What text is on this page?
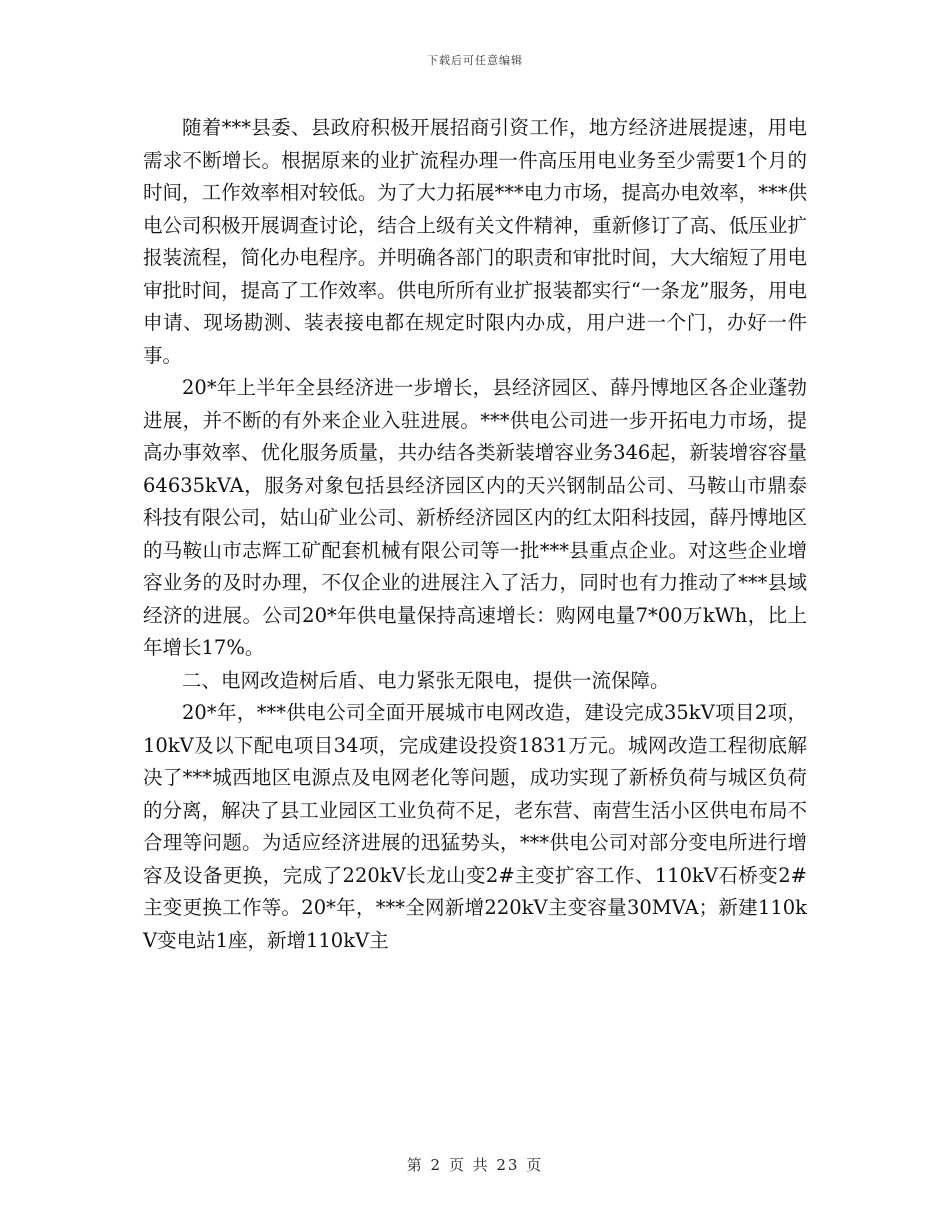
下载后可任意编辑

随着***县委、县政府积极开展招商引资工作，地方经济进展提速，用电需求不断增长。根据原来的业扩流程办理一件高压用电业务至少需要1个月的时间，工作效率相对较低。为了大力拓展***电力市场，提高办电效率，***供电公司积极开展调查讨论，结合上级有关文件精神，重新修订了高、低压业扩报装流程，简化办电程序。并明确各部门的职责和审批时间，大大缩短了用电审批时间，提高了工作效率。供电所所有业扩报装都实行“一条龙”服务，用电申请、现场勘测、装表接电都在规定时限内办成，用户进一个门，办好一件事。

20*年上半年全县经济进一步增长，县经济园区、薛丹博地区各企业蓬勃进展，并不断的有外来企业入驻进展。***供电公司进一步开拓电力市场，提高办事效率、优化服务质量，共办结各类新装增容业务346起，新装增容容量64635kVA，服务对象包括县经济园区内的天兴钢制品公司、马鞍山市鼎泰科技有限公司，姑山矿业公司、新桥经济园区内的红太阳科技园，薛丹博地区的马鞍山市志辉工矿配套机械有限公司等一批***县重点企业。对这些企业增容业务的及时办理，不仅企业的进展注入了活力，同时也有力推动了***县域经济的进展。公司20*年供电量保持高速增长：购网电量7*00万kWh，比上年增长17%。

二、电网改造树后盾、电力紧张无限电，提供一流保障。

20*年，***供电公司全面开展城市电网改造，建设完成35kV项目2项，10kV及以下配电项目34项，完成建设投资1831万元。城网改造工程彻底解决了***城西地区电源点及电网老化等问题，成功实现了新桥负荷与城区负荷的分离，解决了县工业园区工业负荷不足，老东营、南营生活小区供电布局不合理等问题。为适应经济进展的迅猛势头，***供电公司对部分变电所进行增容及设备更换，完成了220kV长龙山变2#主变扩容工作、110kV石桥变2#主变更换工作等。20*年，***全网新增220kV主变容量30MVA；新建110kV变电站1座，新增110kV主

第 2 页 共 23 页
